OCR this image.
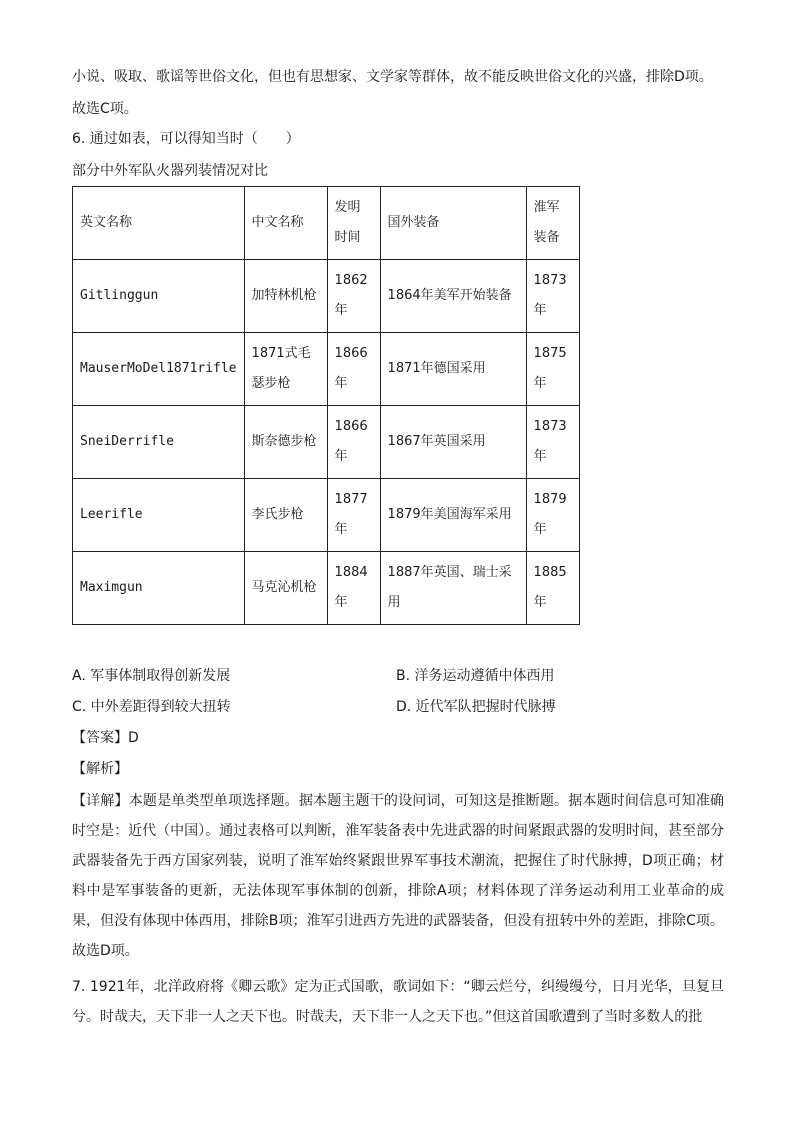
小说、吸取、歌谣等世俗文化，但也有思想家、文学家等群体，故不能反映世俗文化的兴盛，排除D项。
故选C项。
6. 通过如表，可以得知当时（　　）
部分中外军队火器列装情况对比
英文名称	中文名称	发明时间	国外装备	淮军装备
Gitlinggun	加特林机枪	1862年	1864年美军开始装备	1873年
MauserMoDel1871rifle	1871式毛瑟步枪	1866年	1871年德国采用	1875年
SneiDerrifle	斯奈德步枪	1866年	1867年英国采用	1873年
Leerifle	李氏步枪	1877年	1879年美国海军采用	1879年
Maximgun	马克沁机枪	1884年	1887年英国、瑞士采用	1885年
A. 军事体制取得创新发展	B. 洋务运动遵循中体西用
C. 中外差距得到较大扭转	D. 近代军队把握时代脉搏
【答案】D
【解析】
【详解】本题是单类型单项选择题。据本题主题干的设问词，可知这是推断题。据本题时间信息可知准确时空是：近代（中国）。通过表格可以判断，淮军装备表中先进武器的时间紧跟武器的发明时间，甚至部分武器装备先于西方国家列装，说明了淮军始终紧跟世界军事技术潮流，把握住了时代脉搏，D项正确；材料中是军事装备的更新，无法体现军事体制的创新，排除A项；材料体现了洋务运动利用工业革命的成果，但没有体现中体西用，排除B项；淮军引进西方先进的武器装备，但没有扭转中外的差距，排除C项。故选D项。
7. 1921年，北洋政府将《卿云歌》定为正式国歌，歌词如下：“卿云烂兮，纠缦缦兮，日月光华，旦复旦兮。时哉夫，天下非一人之天下也。时哉夫，天下非一人之天下也。”但这首国歌遭到了当时多数人的批
